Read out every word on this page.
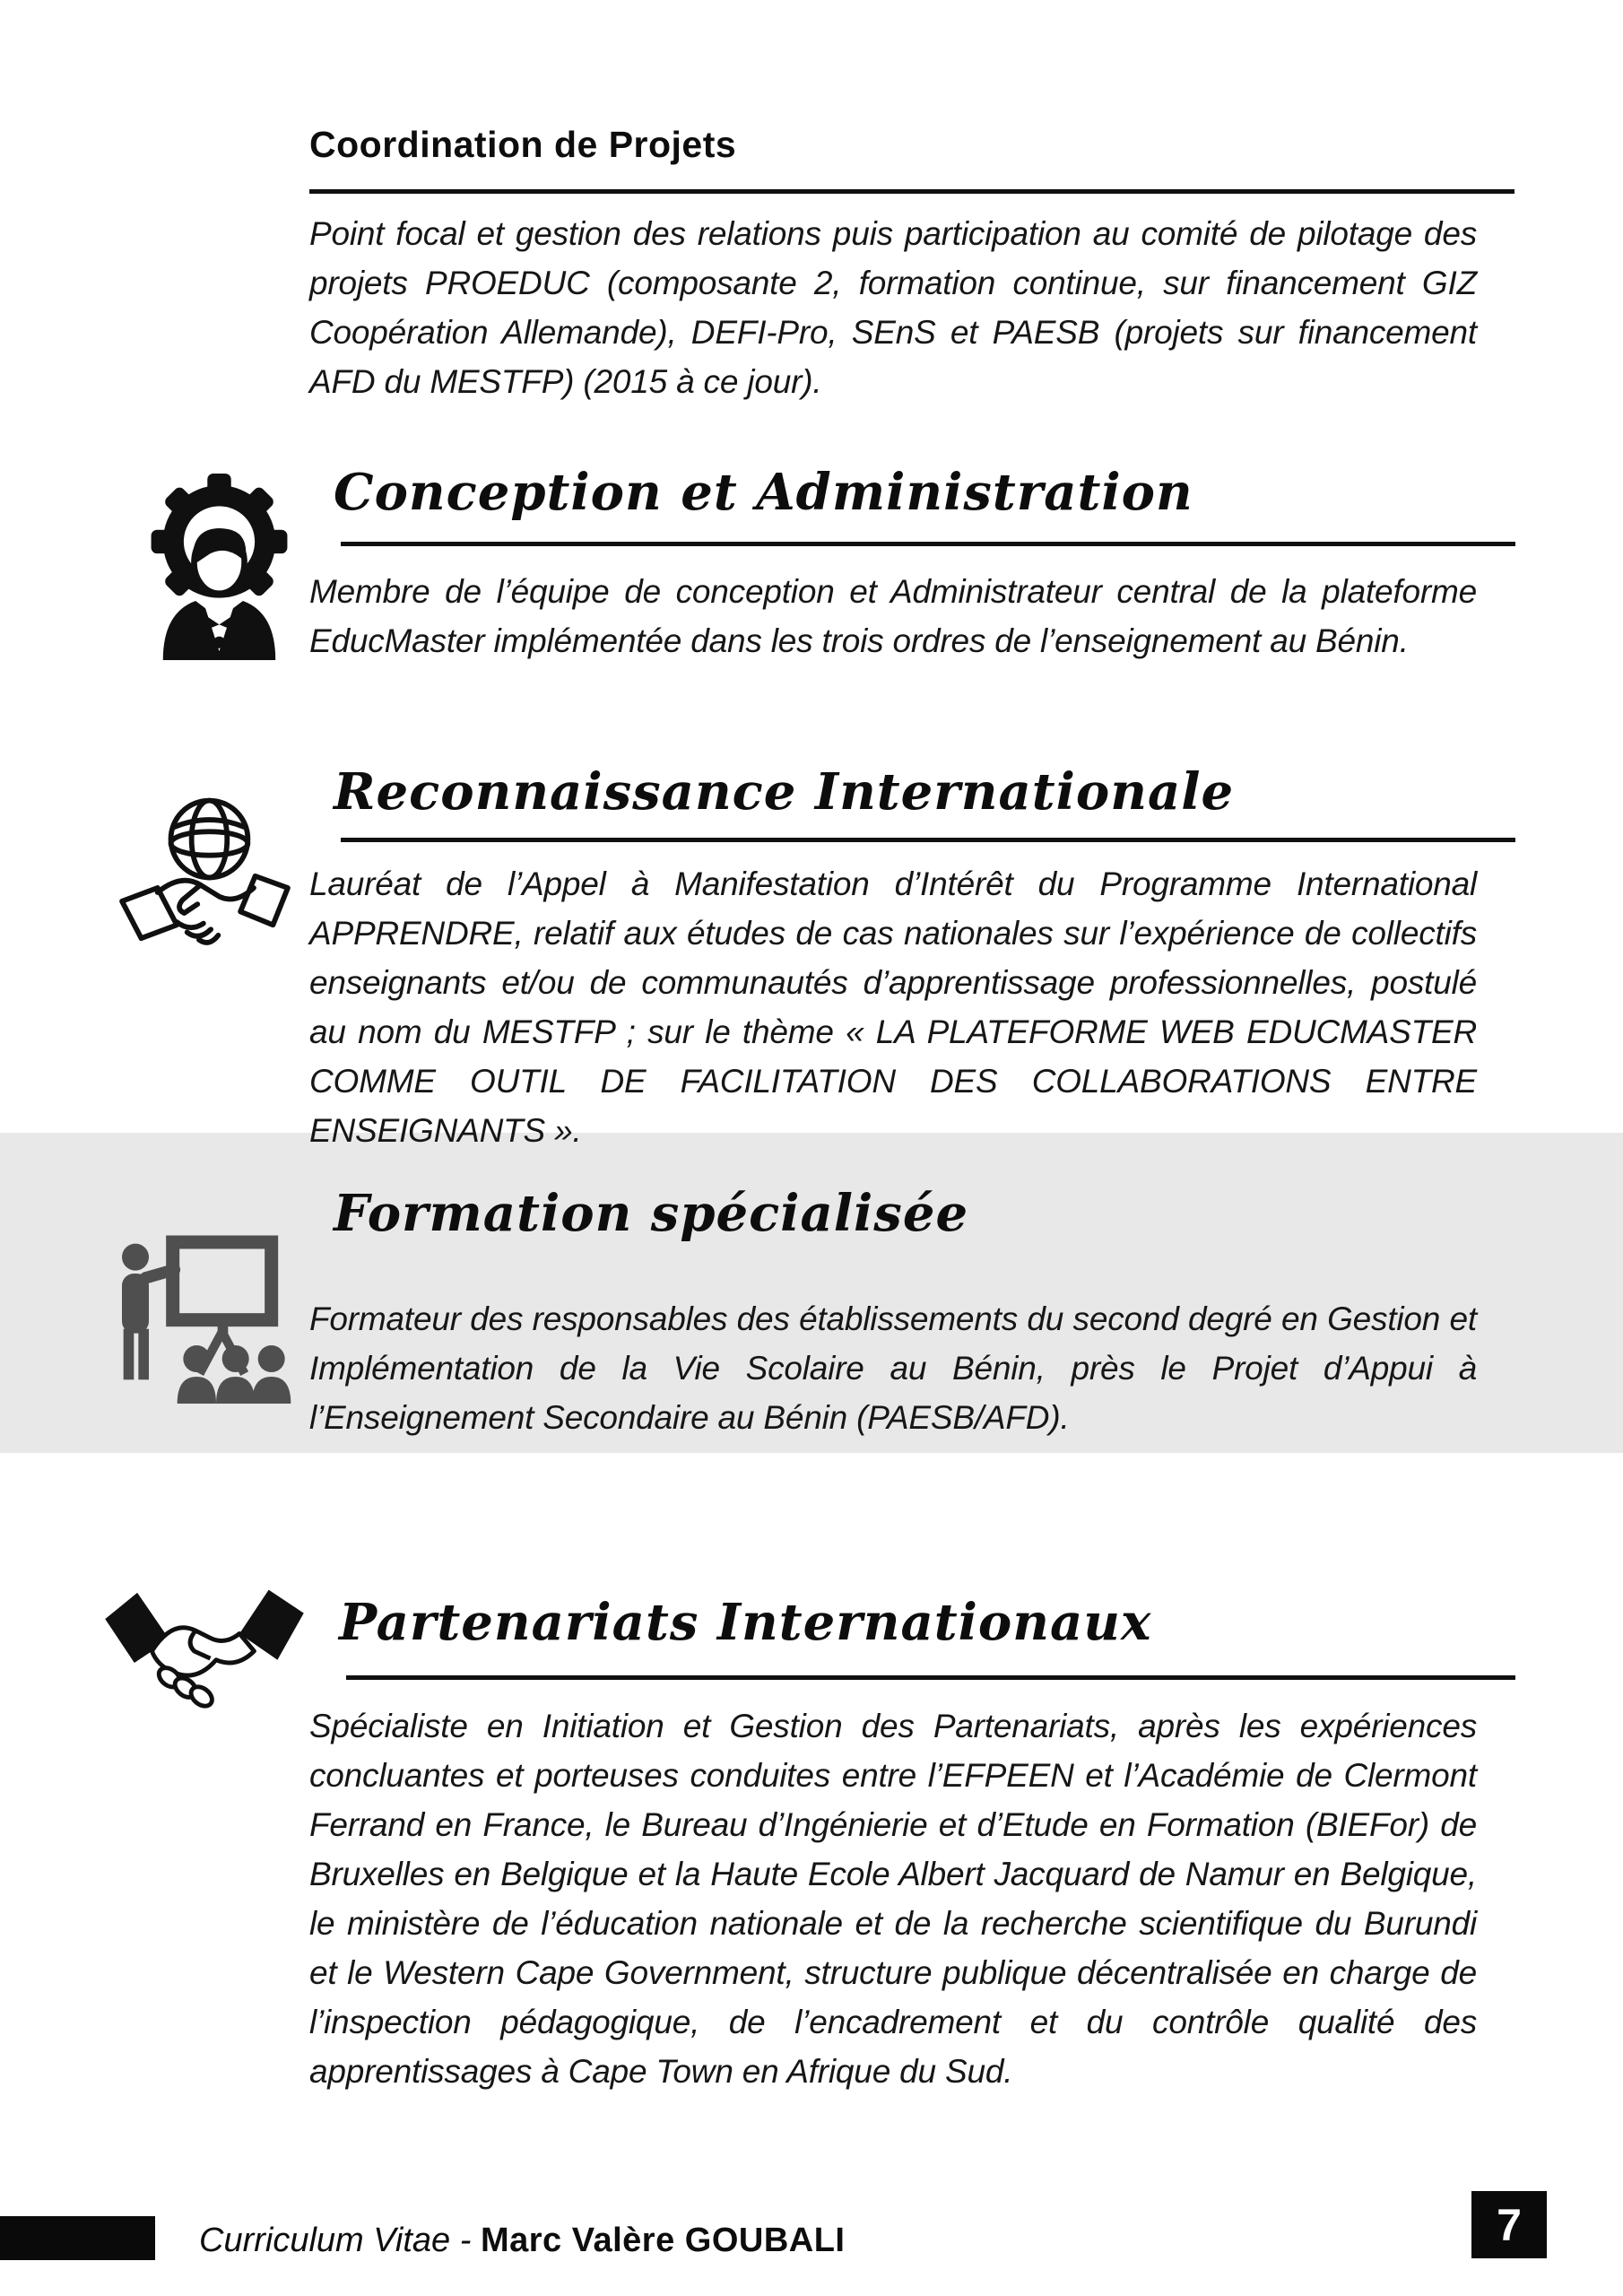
Coordination de Projets

Point focal et gestion des relations puis participation au comité de pilotage des projets PROEDUC (composante 2, formation continue, sur financement GIZ Coopération Allemande), DEFI-Pro, SEnS et PAESB (projets sur financement AFD du MESTFP) (2015 à ce jour).

Conception et Administration

Membre de l’équipe de conception et Administrateur central de la plateforme EducMaster implémentée dans les trois ordres de l’enseignement au Bénin.

Reconnaissance Internationale

Lauréat de l’Appel à Manifestation d’Intérêt du Programme International APPRENDRE, relatif aux études de cas nationales sur l’expérience de collectifs enseignants et/ou de communautés d’apprentissage professionnelles, postulé au nom du MESTFP ; sur le thème « LA PLATEFORME WEB EDUCMASTER COMME OUTIL DE FACILITATION DES COLLABORATIONS ENTRE ENSEIGNANTS ».

Formation spécialisée

Formateur des responsables des établissements du second degré en Gestion et Implémentation de la Vie Scolaire au Bénin, près le Projet d’Appui à l’Enseignement Secondaire au Bénin (PAESB/AFD).

Partenariats Internationaux

Spécialiste en Initiation et Gestion des Partenariats, après les expériences concluantes et porteuses conduites entre l’EFPEEN et l’Académie de Clermont Ferrand en France, le Bureau d’Ingénierie et d’Etude en Formation (BIEFor) de Bruxelles en Belgique et la Haute Ecole Albert Jacquard de Namur en Belgique, le ministère de l’éducation nationale et de la recherche scientifique du Burundi et le Western Cape Government, structure publique décentralisée en charge de l’inspection pédagogique, de l’encadrement et du contrôle qualité des apprentissages à Cape Town en Afrique du Sud.

Curriculum Vitae - Marc Valère GOUBALI	7
